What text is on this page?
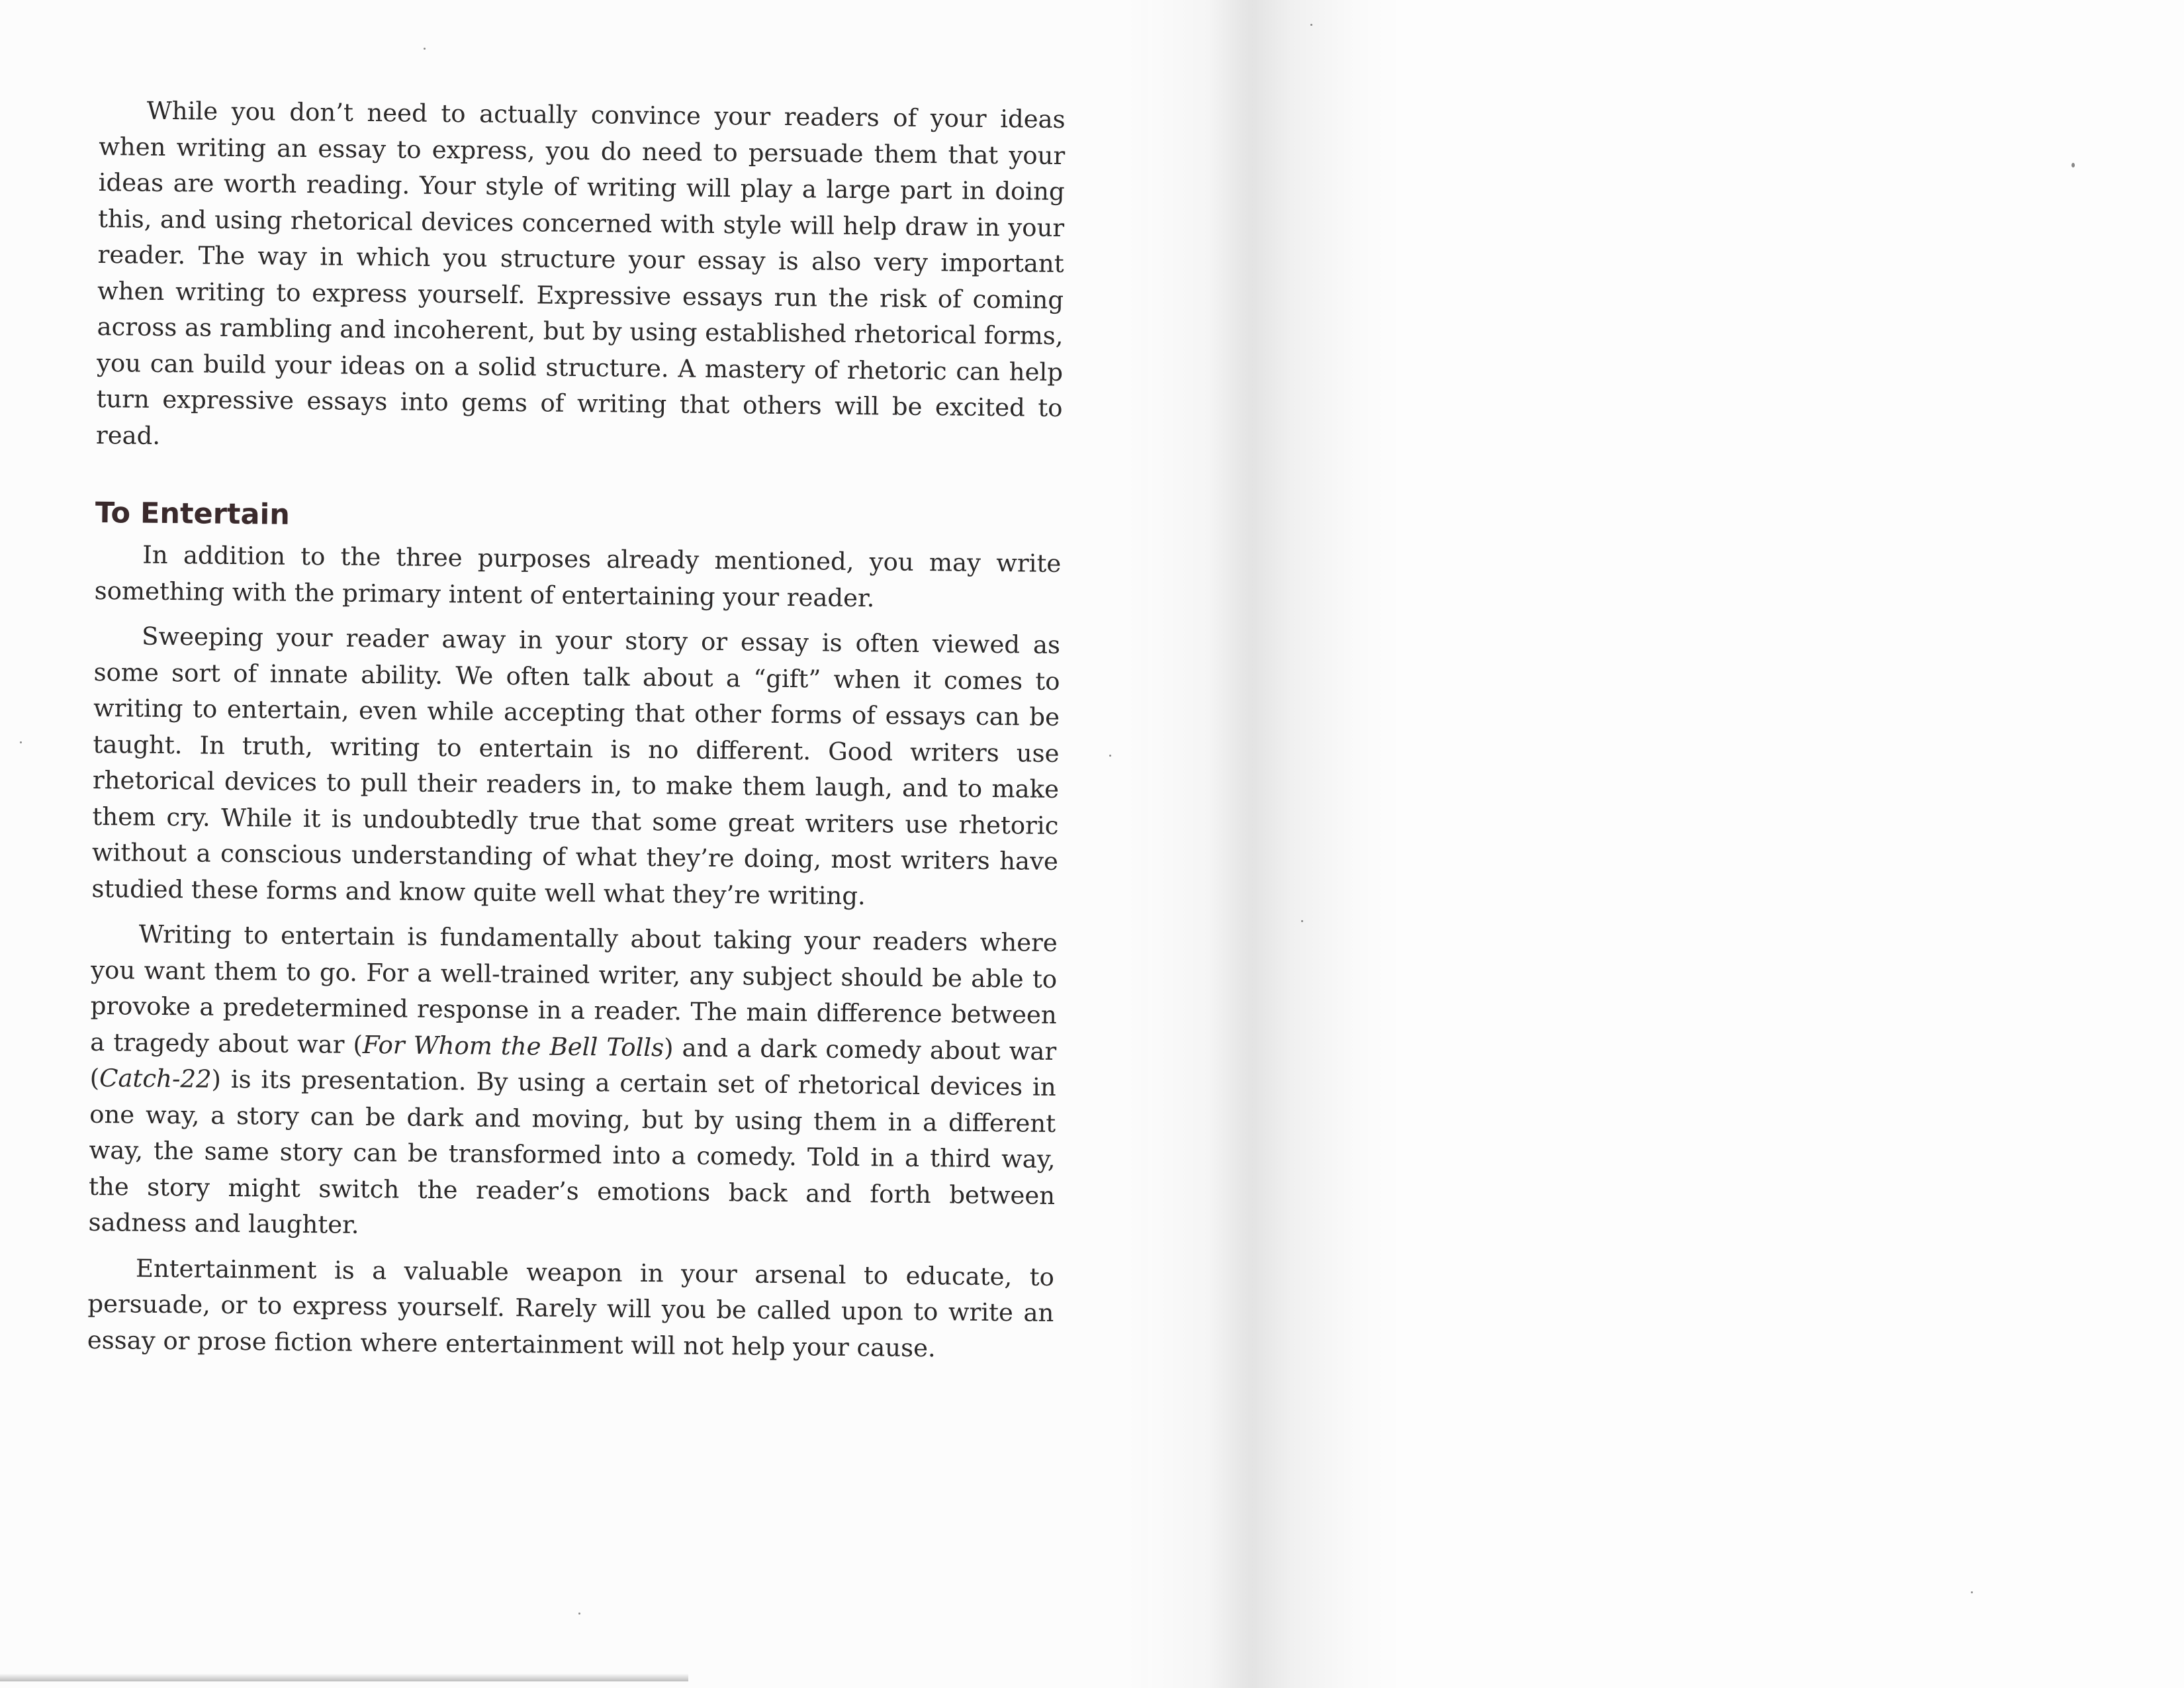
While you don’t need to actually convince your readers of your ideas when writing an essay to express, you do need to persuade them that your ideas are worth reading. Your style of writing will play a large part in doing this, and using rhetorical devices concerned with style will help draw in your reader. The way in which you structure your essay is also very important when writing to express yourself. Expressive essays run the risk of coming across as rambling and incoherent, but by using established rhetorical forms, you can build your ideas on a solid structure. A mastery of rhetoric can help turn expressive essays into gems of writing that others will be excited to read.

To Entertain

In addition to the three purposes already mentioned, you may write something with the primary intent of entertaining your reader.

Sweeping your reader away in your story or essay is often viewed as some sort of innate ability. We often talk about a “gift” when it comes to writing to entertain, even while accepting that other forms of essays can be taught. In truth, writing to entertain is no different. Good writers use rhetorical devices to pull their readers in, to make them laugh, and to make them cry. While it is undoubtedly true that some great writers use rhetoric without a conscious understanding of what they’re doing, most writers have studied these forms and know quite well what they’re writing.

Writing to entertain is fundamentally about taking your readers where you want them to go. For a well-trained writer, any subject should be able to provoke a predetermined response in a reader. The main difference between a tragedy about war (For Whom the Bell Tolls) and a dark comedy about war (Catch-22) is its presentation. By using a certain set of rhetorical devices in one way, a story can be dark and moving, but by using them in a different way, the same story can be transformed into a comedy. Told in a third way, the story might switch the reader’s emotions back and forth between sadness and laughter.

Entertainment is a valuable weapon in your arsenal to educate, to persuade, or to express yourself. Rarely will you be called upon to write an essay or prose fiction where entertainment will not help your cause.
